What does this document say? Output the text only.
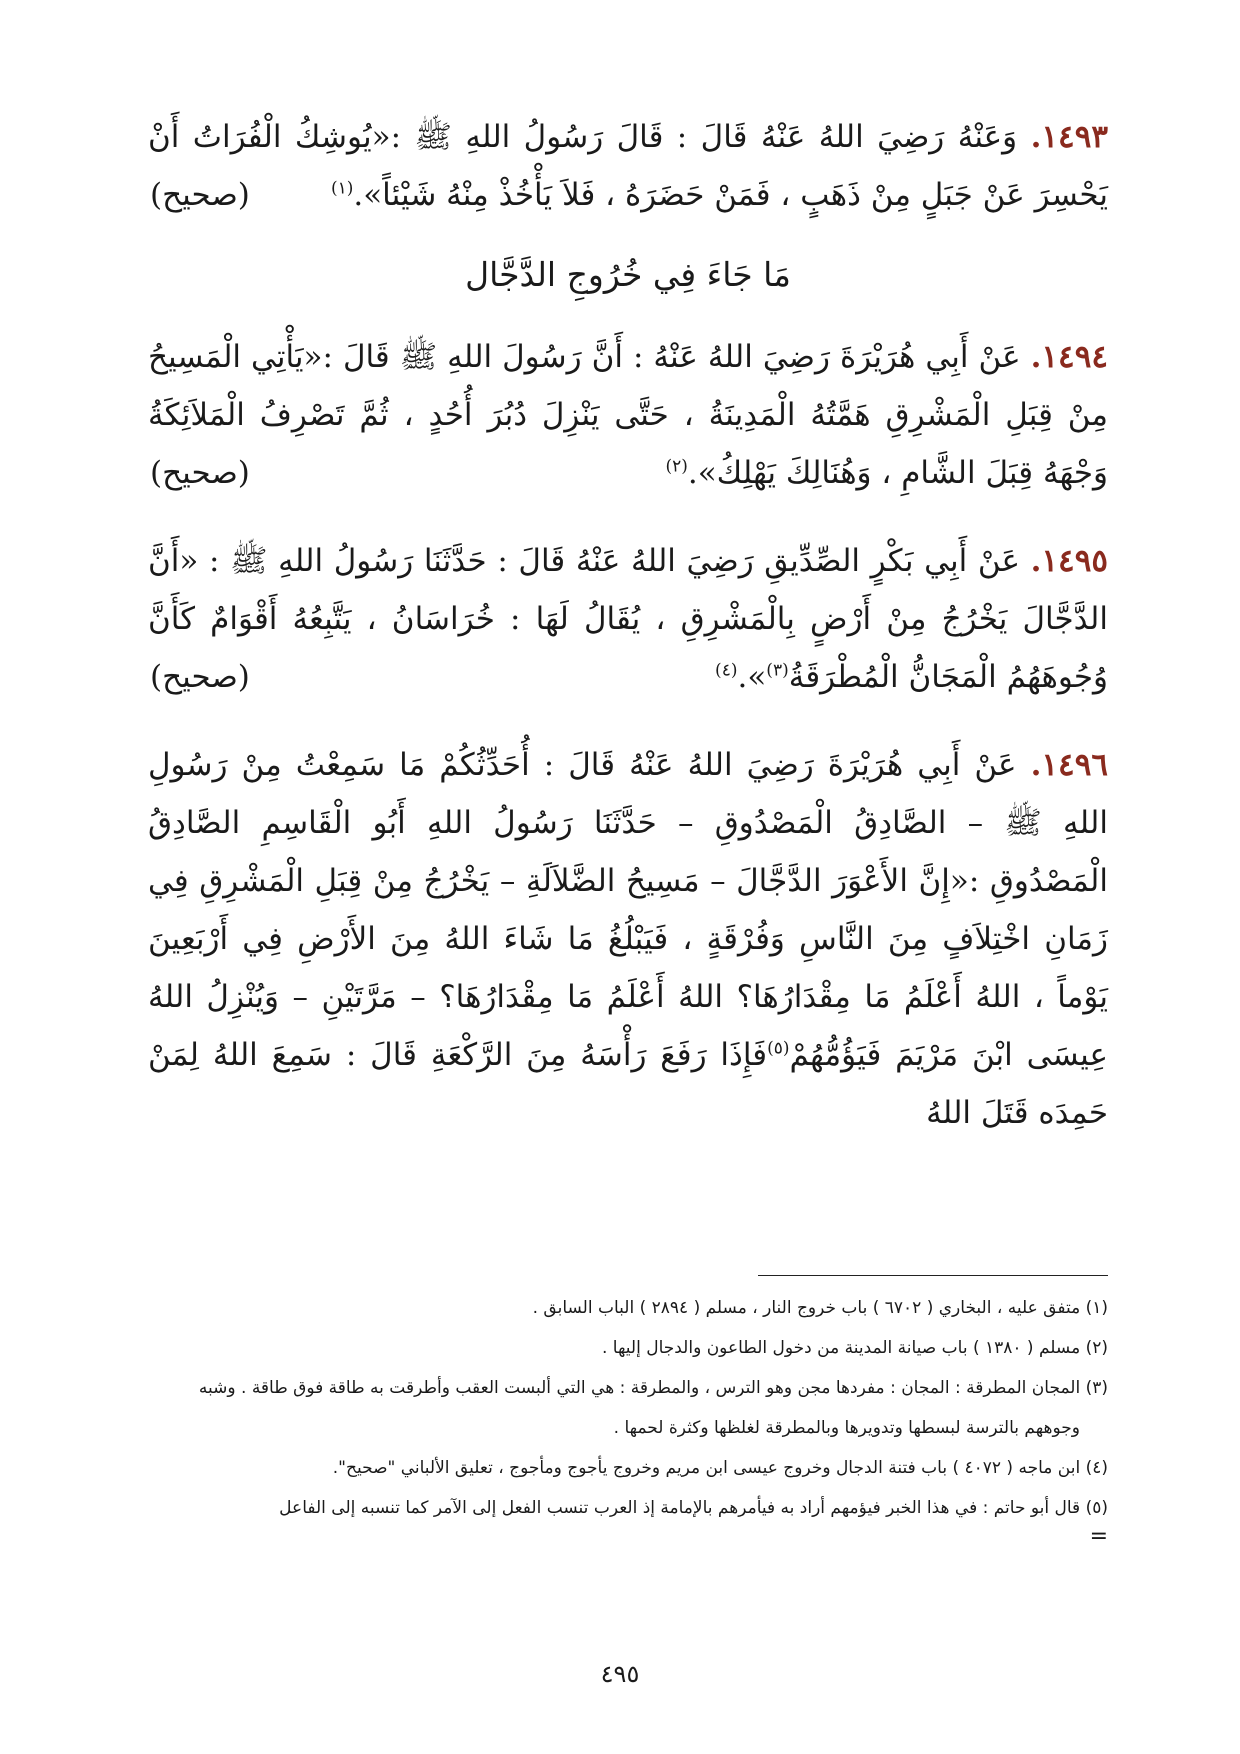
١٤٩٣. وَعَنْهُ رَضِيَ اللهُ عَنْهُ قَالَ : قَالَ رَسُولُ اللهِ ﷺ :«يُوشِكُ الْفُرَاتُ أَنْ يَحْسِرَ عَنْ جَبَلٍ مِنْ ذَهَبٍ ، فَمَنْ حَضَرَهُ ، فَلاَ يَأْخُذْ مِنْهُ شَيْئاً».$^{(١)}$
(صحيح)

مَا جَاءَ فِي خُرُوجِ الدَّجَّال

١٤٩٤. عَنْ أَبِي هُرَيْرَةَ رَضِيَ اللهُ عَنْهُ : أَنَّ رَسُولَ اللهِ ﷺ قَالَ :«يَأْتِي الْمَسِيحُ مِنْ قِبَلِ الْمَشْرِقِ هَمَّتُهُ الْمَدِينَةُ ، حَتَّى يَنْزِلَ دُبُرَ أُحُدٍ ، ثُمَّ تَصْرِفُ الْمَلاَئِكَةُ وَجْهَهُ قِبَلَ الشَّامِ ، وَهُنَالِكَ يَهْلِكُ».$^{(٢)}$
(صحيح)

١٤٩٥. عَنْ أَبِي بَكْرٍ الصِّدِّيقِ رَضِيَ اللهُ عَنْهُ قَالَ : حَدَّثَنَا رَسُولُ اللهِ ﷺ : «أَنَّ الدَّجَّالَ يَخْرُجُ مِنْ أَرْضٍ بِالْمَشْرِقِ ، يُقَالُ لَهَا : خُرَاسَانُ ، يَتَّبِعُهُ أَقْوَامٌ كَأَنَّ وُجُوهَهُمُ الْمَجَانُّ الْمُطْرَقَةُ$^{(٣)}$».$^{(٤)}$
(صحيح)

١٤٩٦. عَنْ أَبِي هُرَيْرَةَ رَضِيَ اللهُ عَنْهُ قَالَ : أُحَدِّثُكُمْ مَا سَمِعْتُ مِنْ رَسُولِ اللهِ ﷺ – الصَّادِقُ الْمَصْدُوقِ – حَدَّثَنَا رَسُولُ اللهِ أَبُو الْقَاسِمِ الصَّادِقُ الْمَصْدُوقِ :«إِنَّ الأَعْوَرَ الدَّجَّالَ – مَسِيحُ الضَّلاَلَةِ – يَخْرُجُ مِنْ قِبَلِ الْمَشْرِقِ فِي زَمَانِ اخْتِلاَفٍ مِنَ النَّاسِ وَفُرْقَةٍ ، فَيَبْلُغُ مَا شَاءَ اللهُ مِنَ الأَرْضِ فِي أَرْبَعِينَ يَوْماً ، اللهُ أَعْلَمُ مَا مِقْدَارُهَا؟ اللهُ أَعْلَمُ مَا مِقْدَارُهَا؟ – مَرَّتَيْنِ – وَيُنْزِلُ اللهُ عِيسَى ابْنَ مَرْيَمَ فَيَؤُمُّهُمْ$^{(٥)}$فَإِذَا رَفَعَ رَأْسَهُ مِنَ الرَّكْعَةِ قَالَ : سَمِعَ اللهُ لِمَنْ حَمِدَه قَتَلَ اللهُ

(١) متفق عليه ، البخاري ( ٦٧٠٢ ) باب خروج النار ، مسلم ( ٢٨٩٤ ) الباب السابق .
(٢) مسلم ( ١٣٨٠ ) باب صيانة المدينة من دخول الطاعون والدجال إليها .
(٣) المجان المطرقة : المجان : مفردها مجن وهو الترس ، والمطرقة : هي التي ألبست العقب وأطرقت به طاقة فوق طاقة . وشبه
وجوههم بالترسة لبسطها وتدويرها وبالمطرقة لغلظها وكثرة لحمها .
(٤) ابن ماجه ( ٤٠٧٢ ) باب فتنة الدجال وخروج عيسى ابن مريم وخروج يأجوج ومأجوج ، تعليق الألباني "صحيح".
(٥) قال أبو حاتم : في هذا الخبر فيؤمهم أراد به فيأمرهم بالإمامة إذ العرب تنسب الفعل إلى الآمر كما تنسبه إلى الفاعل
=
٤٩٥
